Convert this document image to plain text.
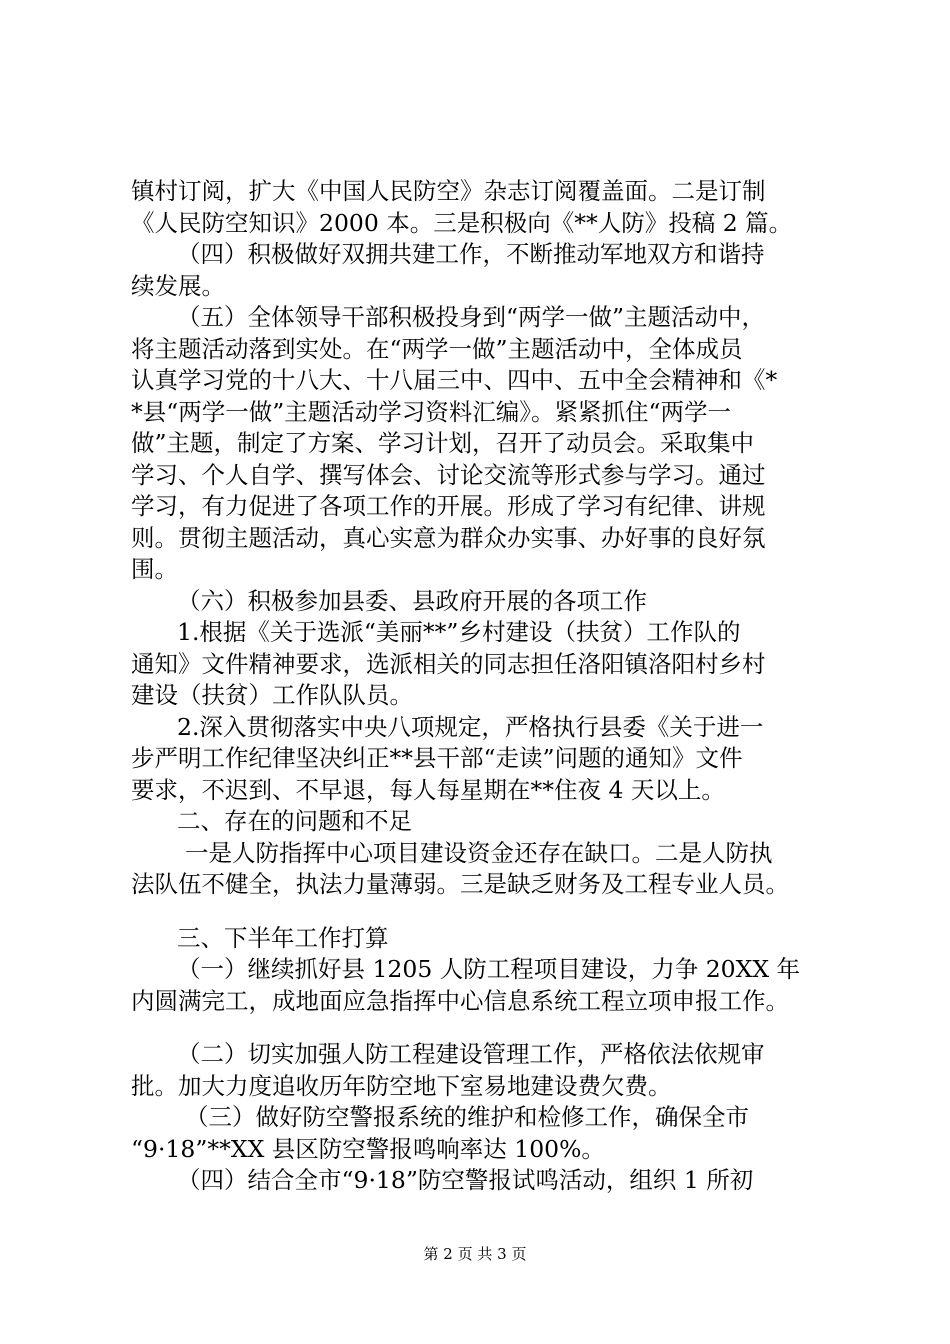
镇村订阅，扩大《中国人民防空》杂志订阅覆盖面。二是订制
《人民防空知识》2000 本。三是积极向《**人防》投稿 2 篇。
（四）积极做好双拥共建工作，不断推动军地双方和谐持
续发展。
（五）全体领导干部积极投身到“两学一做”主题活动中，
将主题活动落到实处。在“两学一做”主题活动中，全体成员
认真学习党的十八大、十八届三中、四中、五中全会精神和《*
*县“两学一做”主题活动学习资料汇编》。紧紧抓住“两学一
做”主题，制定了方案、学习计划，召开了动员会。采取集中
学习、个人自学、撰写体会、讨论交流等形式参与学习。通过
学习，有力促进了各项工作的开展。形成了学习有纪律、讲规
则。贯彻主题活动，真心实意为群众办实事、办好事的良好氛
围。
（六）积极参加县委、县政府开展的各项工作
1.根据《关于选派“美丽**”乡村建设（扶贫）工作队的
通知》文件精神要求，选派相关的同志担任洛阳镇洛阳村乡村
建设（扶贫）工作队队员。
2.深入贯彻落实中央八项规定，严格执行县委《关于进一
步严明工作纪律坚决纠正**县干部“走读”问题的通知》文件
要求，不迟到、不早退，每人每星期在**住夜 4 天以上。
二、存在的问题和不足
一是人防指挥中心项目建设资金还存在缺口。二是人防执
法队伍不健全，执法力量薄弱。三是缺乏财务及工程专业人员。
三、下半年工作打算
（一）继续抓好县 1205 人防工程项目建设，力争 20XX 年
内圆满完工，成地面应急指挥中心信息系统工程立项申报工作。
（二）切实加强人防工程建设管理工作，严格依法依规审
批。加大力度追收历年防空地下室易地建设费欠费。
（三）做好防空警报系统的维护和检修工作，确保全市
“9·18”**XX 县区防空警报鸣响率达 100%。
（四）结合全市“9·18”防空警报试鸣活动，组织 1 所初
第 2 页 共 3 页
